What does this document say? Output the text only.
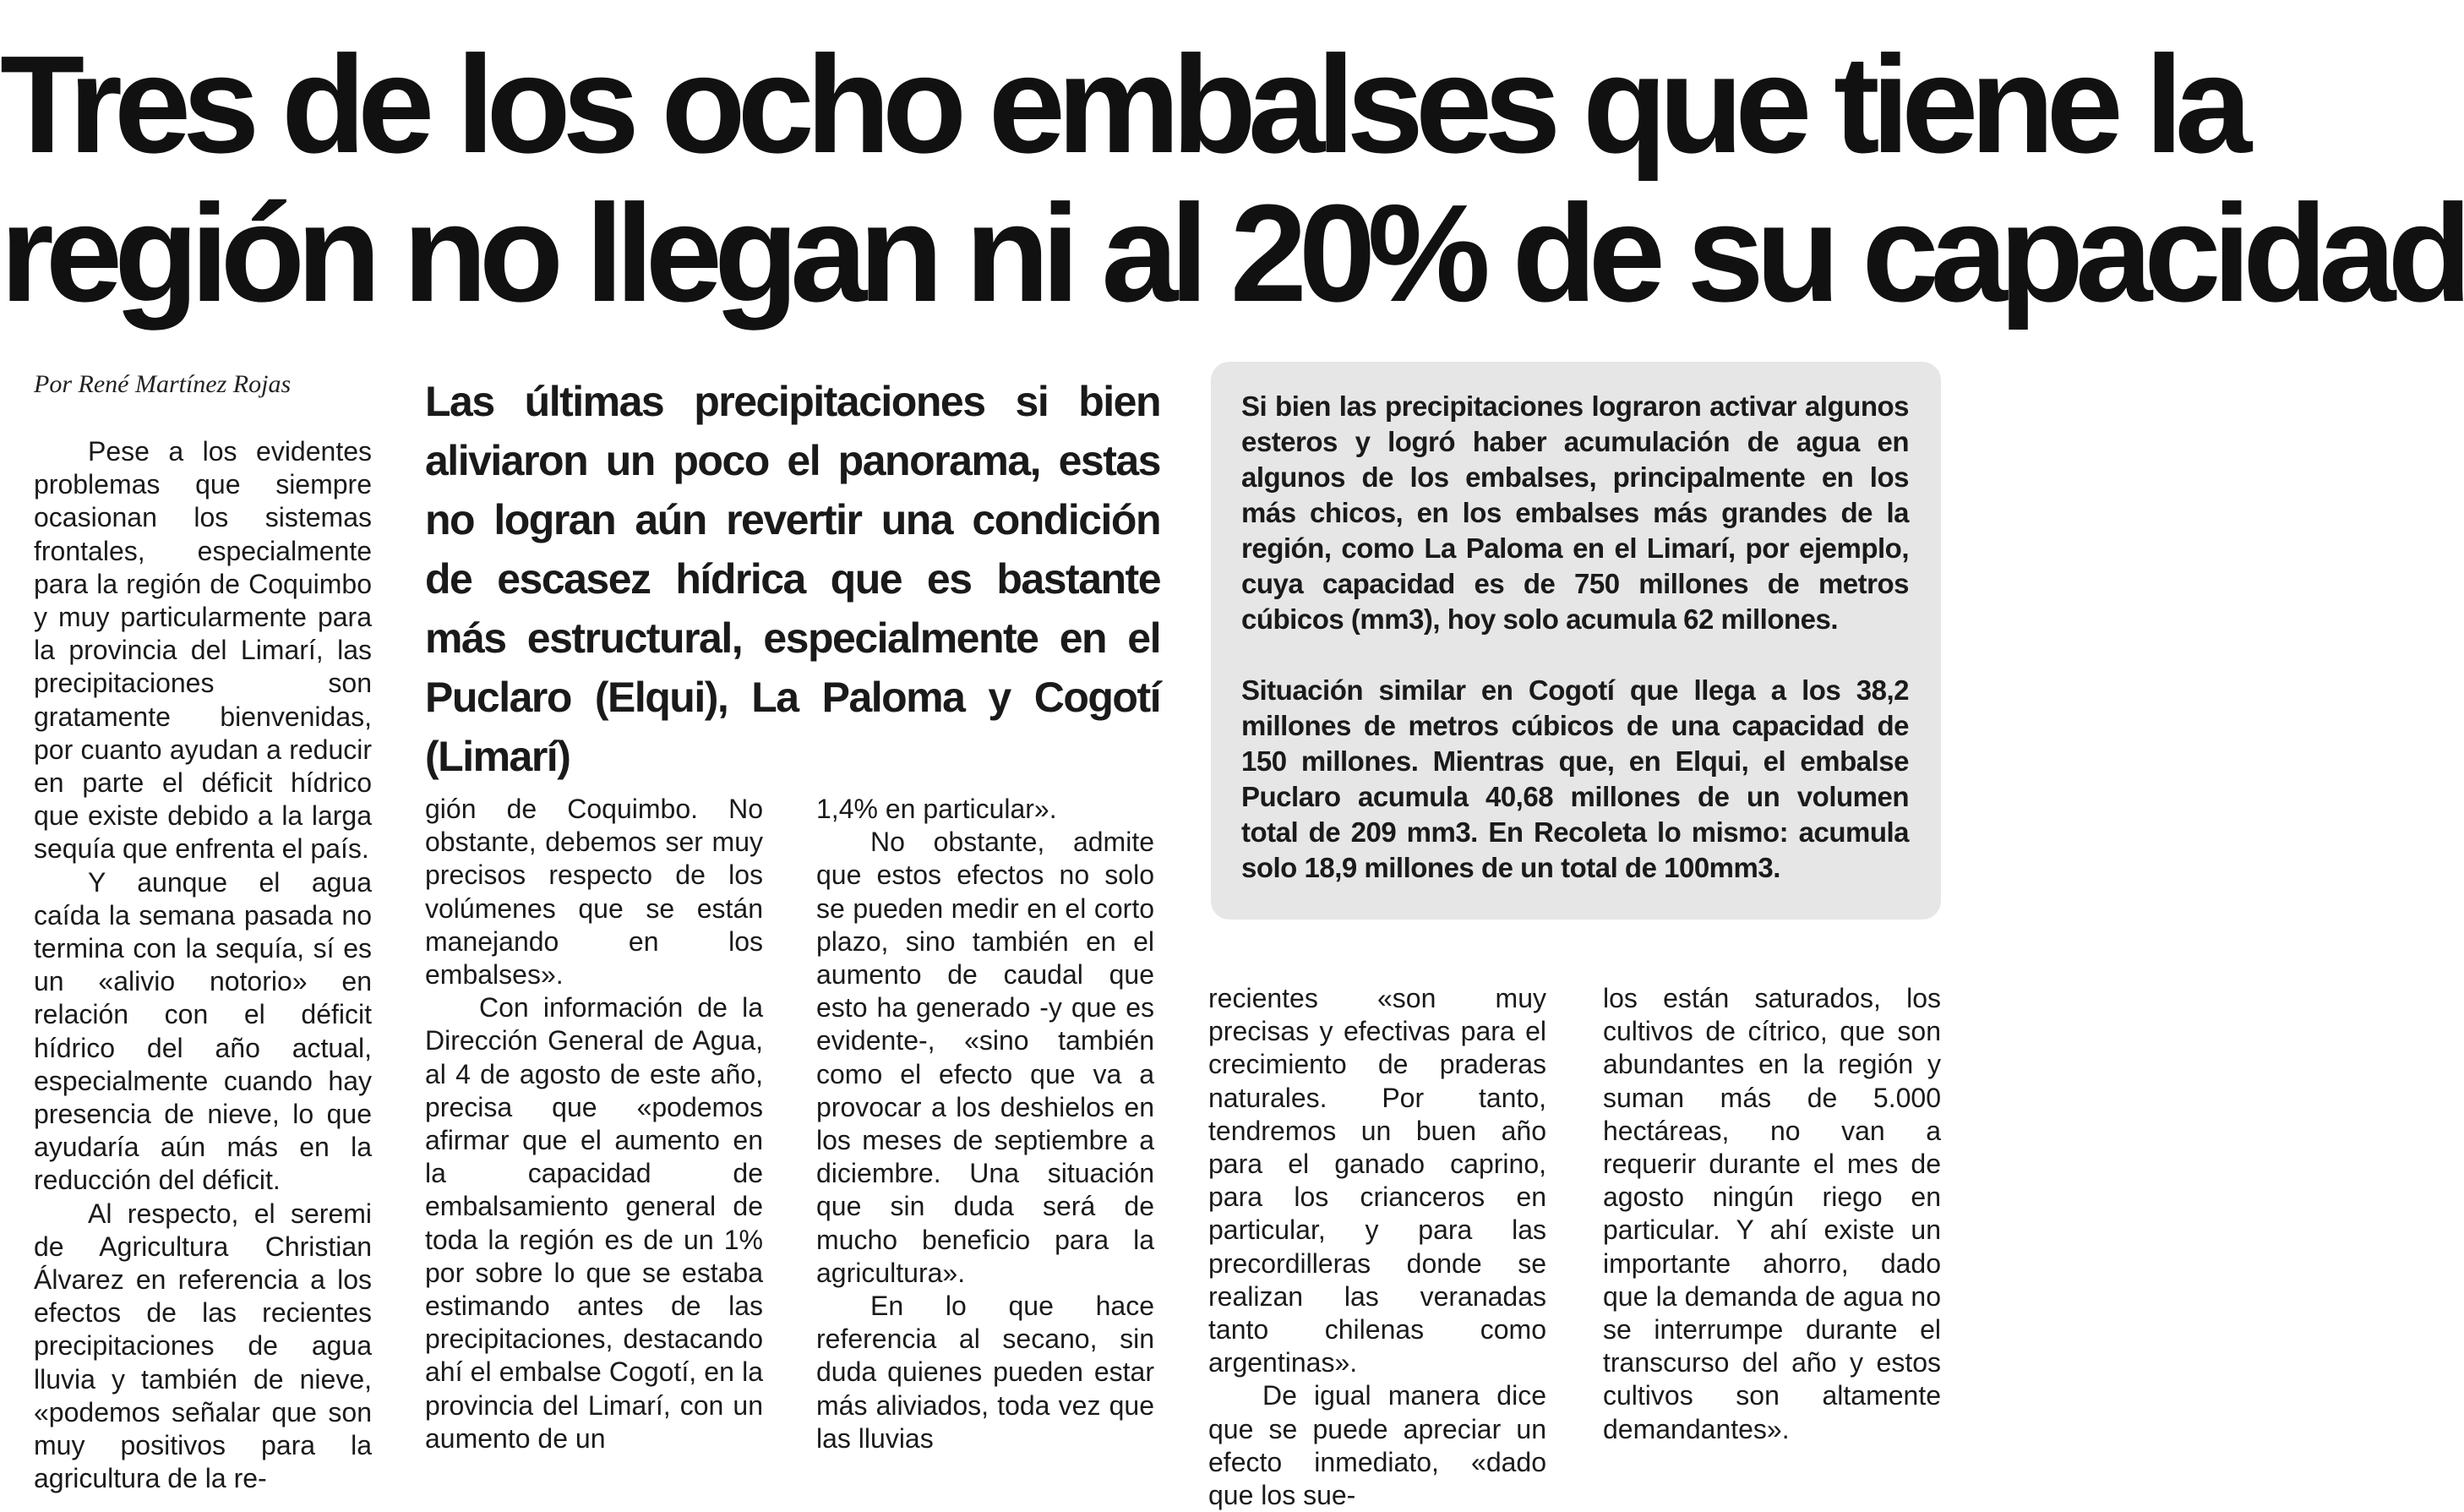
Tres de los ocho embalses que tiene la
región no llegan ni al 20% de su capacidad

Por René Martínez Rojas

Pese a los evidentes problemas que siempre ocasionan los sistemas frontales, especialmente para la región de Coquimbo y muy particularmente para la provincia del Limarí, las precipitaciones son gratamente bienvenidas, por cuanto ayudan a reducir en parte el déficit hídrico que existe debido a la larga sequía que enfrenta el país.

Y aunque el agua caída la semana pasada no termina con la sequía, sí es un «alivio notorio» en relación con el déficit hídrico del año actual, especialmente cuando hay presencia de nieve, lo que ayudaría aún más en la reducción del déficit.

Al respecto, el seremi de Agricultura Christian Álvarez en referencia a los efectos de las recientes precipitaciones de agua lluvia y también de nieve, «podemos señalar que son muy positivos para la agricultura de la re-

Las últimas precipitaciones si bien aliviaron un poco el panorama, estas no logran aún revertir una condición de escasez hídrica que es bastante más estructural, especialmente en el Puclaro (Elqui), La Paloma y Cogotí (Limarí)

Si bien las precipitaciones lograron activar algunos esteros y logró haber acumulación de agua en algunos de los embalses, principalmente en los más chicos, en los embalses más grandes de la región, como La Paloma en el Limarí, por ejemplo, cuya capacidad es de 750 millones de metros cúbicos (mm3), hoy solo acumula 62 millones.

Situación similar en Cogotí que llega a los 38,2 millones de metros cúbicos de una capacidad de 150 millones. Mientras que, en Elqui, el embalse Puclaro acumula 40,68 millones de un volumen total de 209 mm3. En Recoleta lo mismo: acumula solo 18,9 millones de un total de 100mm3.

gión de Coquimbo. No obstante, debemos ser muy precisos respecto de los volúmenes que se están manejando en los embalses».

Con información de la Dirección General de Agua, al 4 de agosto de este año, precisa que «podemos afirmar que el aumento en la capacidad de embalsamiento general de toda la región es de un 1% por sobre lo que se estaba estimando antes de las precipitaciones, destacando ahí el embalse Cogotí, en la provincia del Limarí, con un aumento de un

1,4% en particular».

No obstante, admite que estos efectos no solo se pueden medir en el corto plazo, sino también en el aumento de caudal que esto ha generado -y que es evidente-, «sino también como el efecto que va a provocar a los deshielos en los meses de septiembre a diciembre. Una situación que sin duda será de mucho beneficio para la agricultura».

En lo que hace referencia al secano, sin duda quienes pueden estar más aliviados, toda vez que las lluvias

recientes «son muy precisas y efectivas para el crecimiento de praderas naturales. Por tanto, tendremos un buen año para el ganado caprino, para los crianceros en particular, y para las precordilleras donde se realizan las veranadas tanto chilenas como argentinas».

De igual manera dice que se puede apreciar un efecto inmediato, «dado que los sue-

los están saturados, los cultivos de cítrico, que son abundantes en la región y suman más de 5.000 hectáreas, no van a requerir durante el mes de agosto ningún riego en particular. Y ahí existe un importante ahorro, dado que la demanda de agua no se interrumpe durante el transcurso del año y estos cultivos son altamente demandantes».
